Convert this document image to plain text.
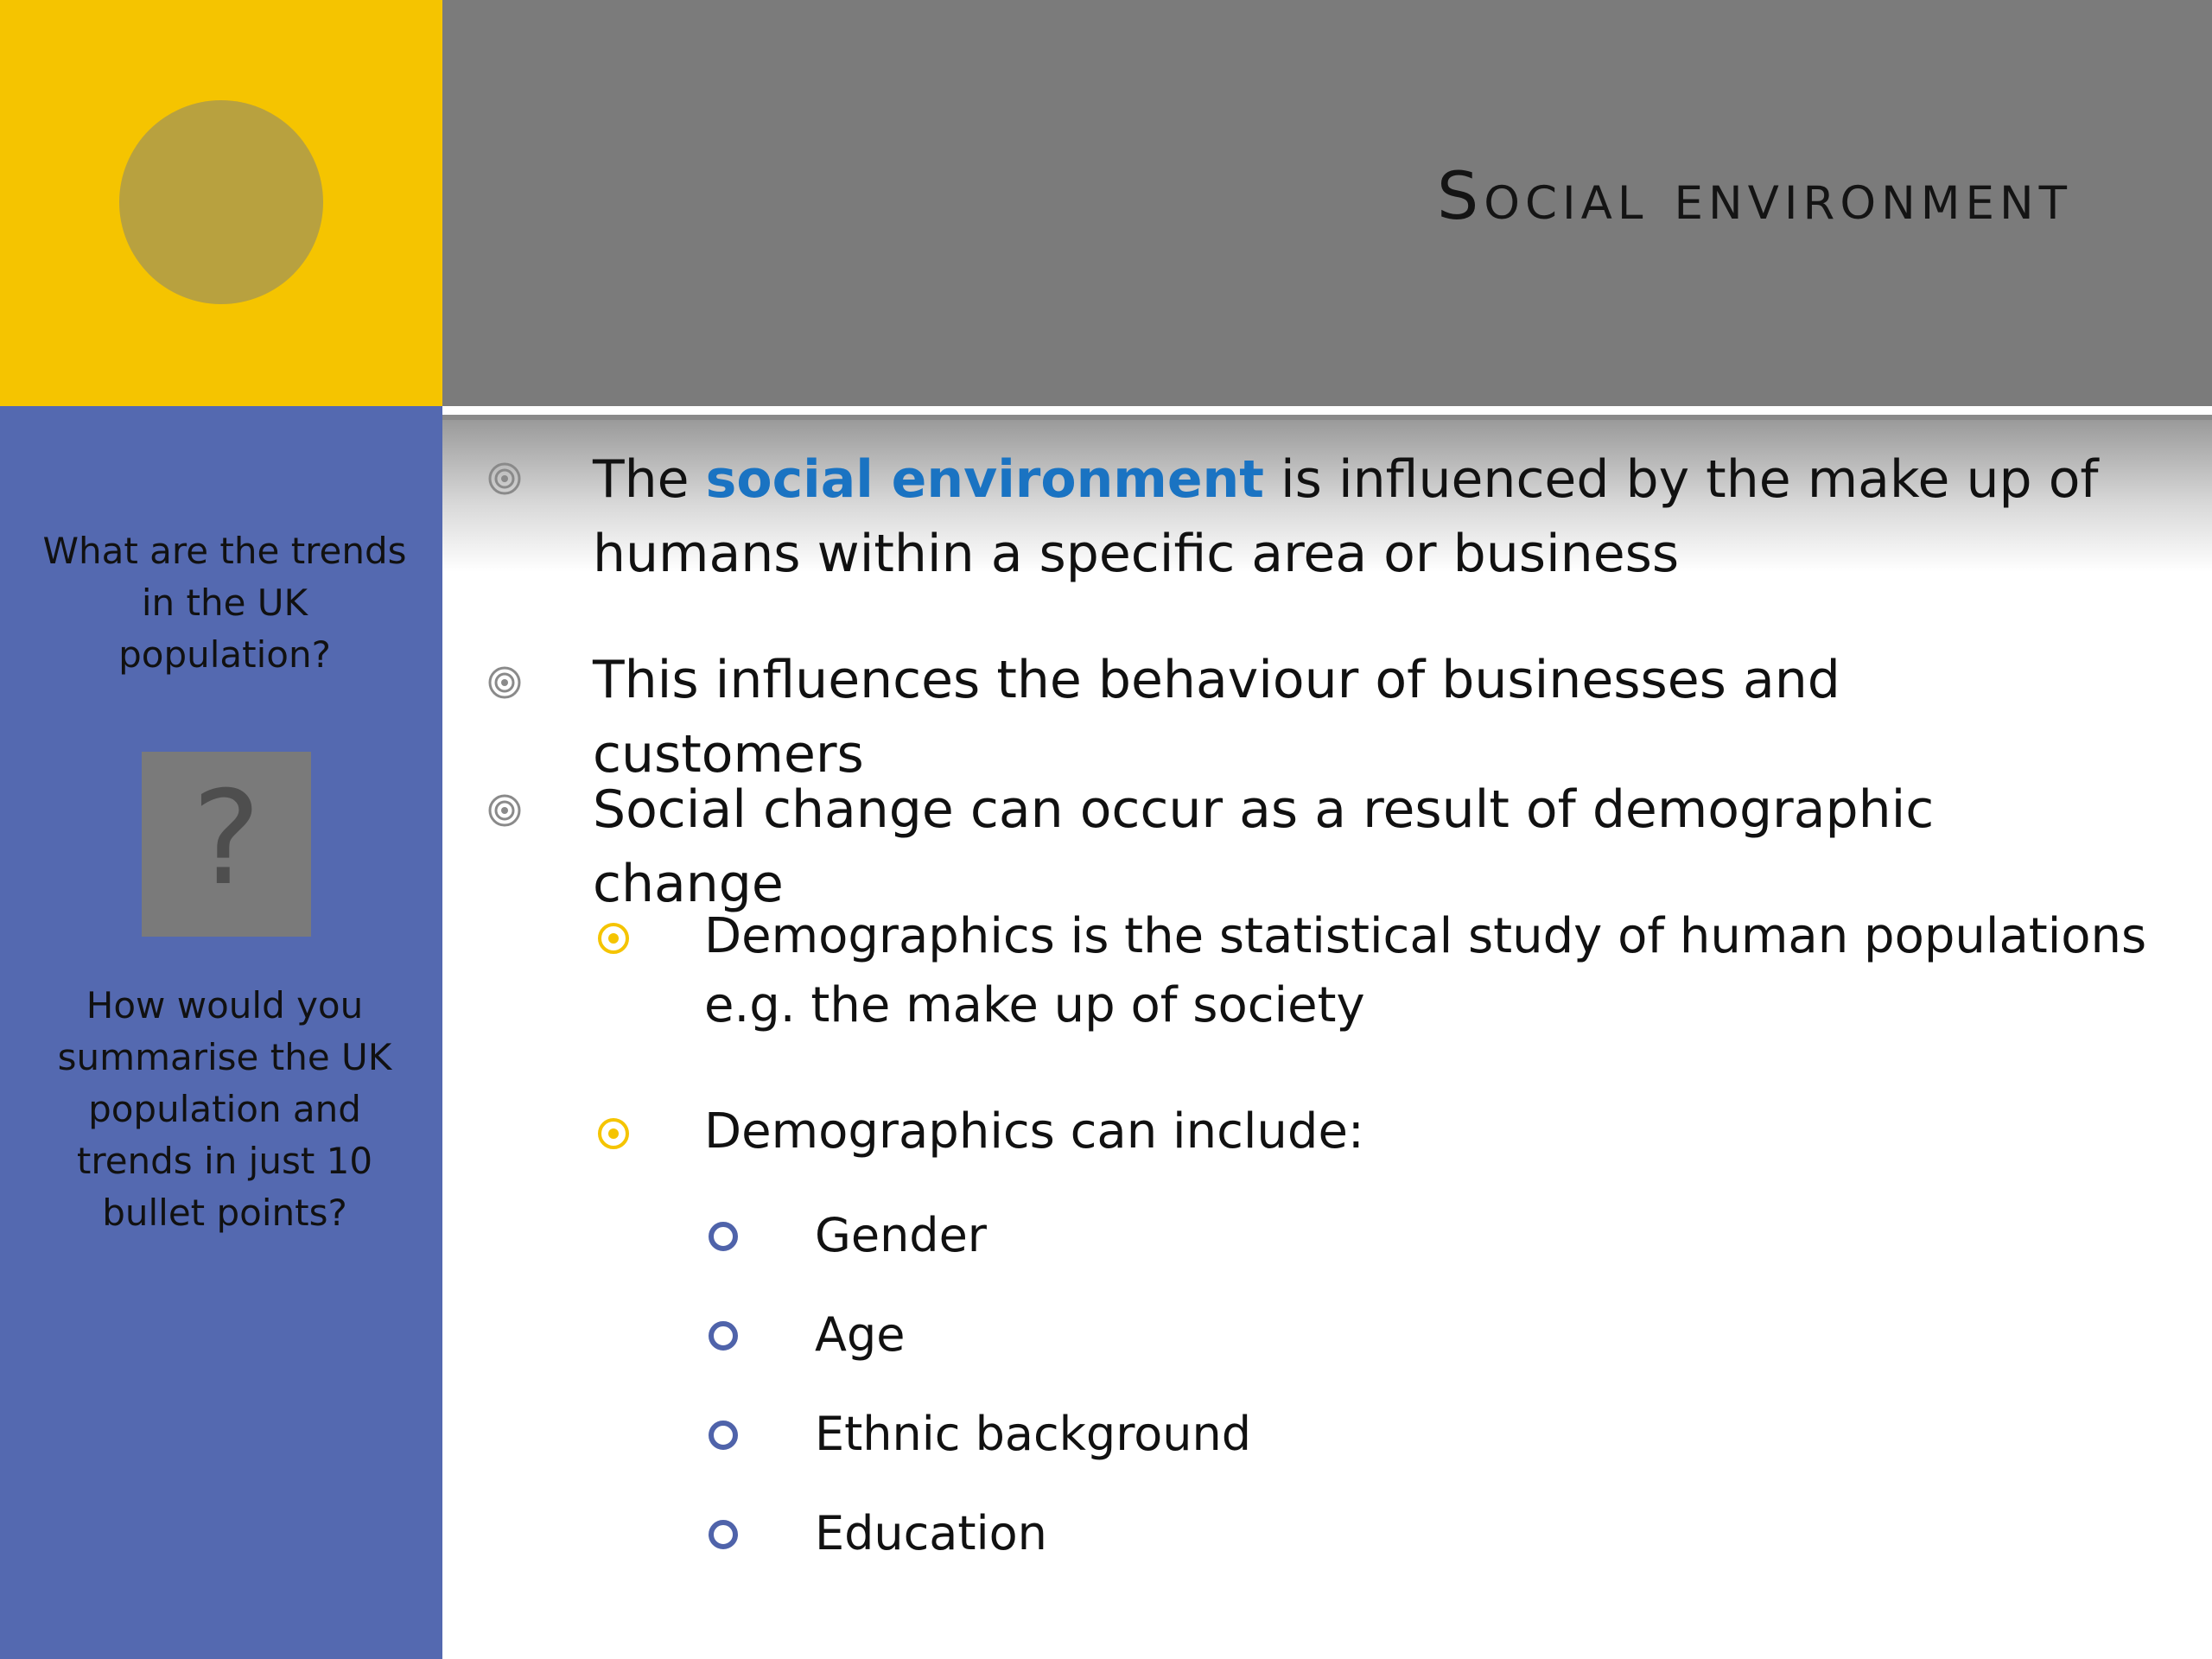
Social environment
What are the trends in the UK population?
?
How would you summarise the UK population and trends in just 10 bullet points?
The social environment is influenced by the make up of humans within a specific area or business
This influences the behaviour of businesses and customers
Social change can occur as a result of demographic change
Demographics is the statistical study of human populations e.g. the make up of society
Demographics can include:
Gender
Age
Ethnic background
Education
